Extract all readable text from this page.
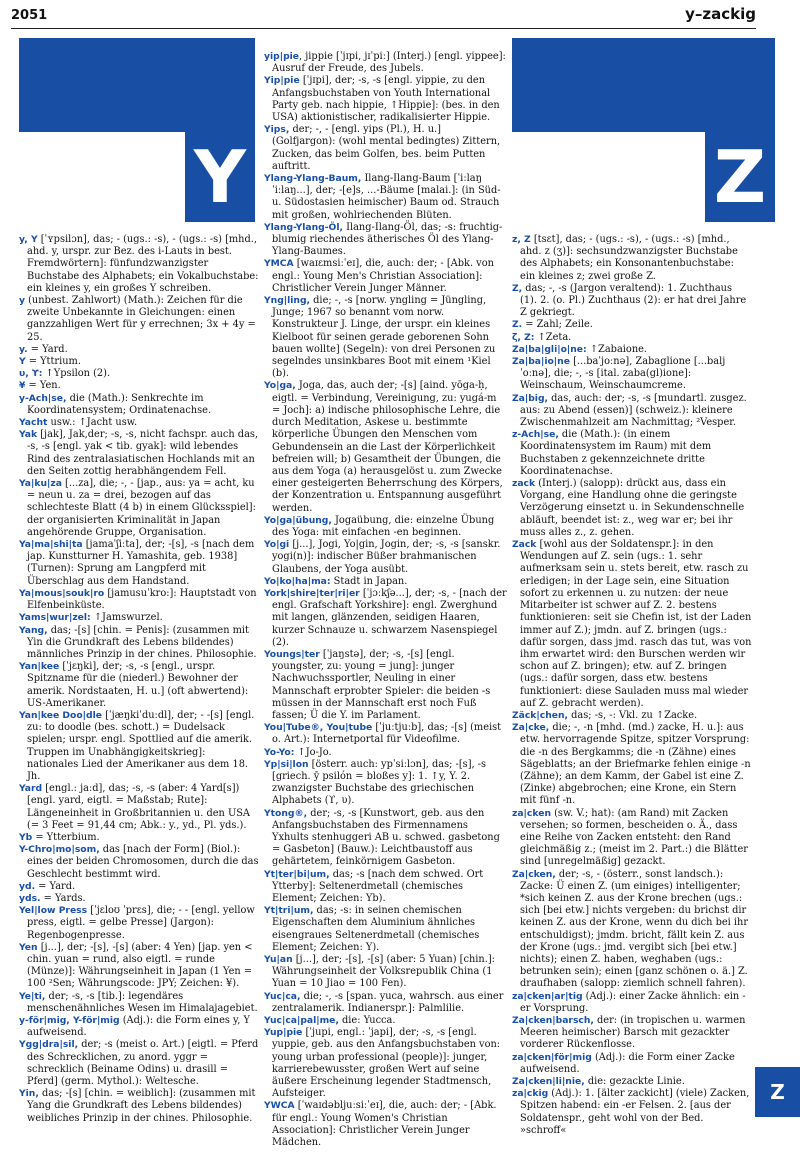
2051	y–zackig
Y	Z

y, Y [ˈʏpsilɔn], das; - (ugs.: -s), - (ugs.: -s) [mhd., ahd. y, urspr. zur Bez. des i-Lauts in best. Fremdwörtern]: fünfundzwanzigster Buchstabe des Alphabets; ein Vokalbuchstabe: ein kleines y, ein großes Y schreiben.

y (unbest. Zahlwort) (Math.): Zeichen für die zweite Unbekannte in Gleichungen: einen ganzzahligen Wert für y errechnen; 3x + 4y = 25.

y. = Yard.

Y = Yttrium.

υ, ϒ: ↑Ypsilon (2).

¥ = Yen.

y-Ach|se, die (Math.): Senkrechte im Koordinatensystem; Ordinatenachse.

Yacht usw.: ↑Jacht usw.

Yak [jak], Jak,der; -s, -s, nicht fachspr. auch das, -s, -s [engl. yak < tib. gyak]: wild lebendes Rind des zentralasiatischen Hochlands mit an den Seiten zottig herabhängendem Fell.

Ya|ku|za [...za], die; -, - [jap., aus: ya = acht, ku = neun u. za = drei, bezogen auf das schlechteste Blatt (4 b) in einem Glücksspiel]: der organisierten Kriminalität in Japan angehörende Gruppe, Organisation.

Ya|ma|shi|ta [jamaˈʃiːta], der; -[s], -s [nach dem jap. Kunstturner H. Yamashita, geb. 1938] (Turnen): Sprung am Langpferd mit Überschlag aus dem Handstand.

Ya|mous|souk|ro [jamusuˈkro:]: Hauptstadt von Elfenbeinküste.

Yams|wur|zel: ↑Jamswurzel.

Yang, das; -[s] [chin. = Penis]: (zusammen mit Yin die Grundkraft des Lebens bildendes) männliches Prinzip in der chines. Philosophie.

Yan|kee [ˈjɛŋki], der; -s, -s [engl., urspr. Spitzname für die (niederl.) Bewohner der amerik. Nordstaaten, H. u.] (oft abwertend): US-Amerikaner.

Yan|kee Doo|dle [ˈjæŋkiˈduːdl], der; - -[s] [engl. zu: to doodle (bes. schott.) = Dudelsack spielen; urspr. engl. Spottlied auf die amerik. Truppen im Unabhängigkeitskrieg]: nationales Lied der Amerikaner aus dem 18. Jh.

Yard [engl.: jaːd], das; -s, -s (aber: 4 Yard[s]) [engl. yard, eigtl. = Maßstab; Rute]: Längeneinheit in Großbritannien u. den USA (= 3 Feet = 91,44 cm; Abk.: y., yd., Pl. yds.).

Yb = Ytterbium.

Y-Chro|mo|som, das [nach der Form] (Biol.): eines der beiden Chromosomen, durch die das Geschlecht bestimmt wird.

yd. = Yard.

yds. = Yards.

Yel|low Press [ˈjɛloʊ ˈprɛs], die; - - [engl. yellow press, eigtl. = gelbe Presse] (Jargon): Regenbogenpresse.

Yen [j...], der; -[s], -[s] (aber: 4 Yen) [jap. yen < chin. yuan = rund, also eigtl. = runde (Münze)]: Währungseinheit in Japan (1 Yen = 100 ²Sen; Währungscode: JPY; Zeichen: ¥).

Ye|ti, der; -s, -s [tib.]: legendäres menschenähnliches Wesen im Himalajagebiet.

y-för|mig, Y-för|mig (Adj.): die Form eines y, Y aufweisend.

Ygg|dra|sil, der; -s (meist o. Art.) [eigtl. = Pferd des Schrecklichen, zu anord. yggr = schrecklich (Beiname Odins) u. drasill = Pferd] (germ. Mythol.): Weltesche.

Yin, das; -[s] [chin. = weiblich]: (zusammen mit Yang die Grundkraft des Lebens bildendes) weibliches Prinzip in der chines. Philosophie.

yip|pie, jippie [ˈjɪpi, jɪˈpiː] (Interj.) [engl. yippee]: Ausruf der Freude, des Jubels.

Yip|pie [ˈjɪpi], der; -s, -s [engl. yippie, zu den Anfangsbuchstaben von Youth International Party geb. nach hippie, ↑Hippie]: (bes. in den USA) aktionistischer, radikalisierter Hippie.

Yips, der; -, - [engl. yips (Pl.), H. u.] (Golfjargon): (wohl mental bedingtes) Zittern, Zucken, das beim Golfen, bes. beim Putten auftritt.

Ylang-Ylang-Baum, Ilang-Ilang-Baum [ˈiːlaŋˈiːlaŋ...], der; -[e]s, ...-Bäume [malai.]: (in Süd- u. Südostasien heimischer) Baum od. Strauch mit großen, wohlriechenden Blüten.

Ylang-Ylang-Öl, Ilang-Ilang-Öl, das; -s: fruchtig-blumig riechendes ätherisches Öl des Ylang-Ylang-Baumes.

YMCA [waɪɛmsiːˈeɪ], die, auch: der; - [Abk. von engl.: Young Men's Christian Association]: Christlicher Verein Junger Männer.

Yng|ling, die; -, -s [norw. yngling = Jüngling, Junge; 1967 so benannt vom norw. Konstrukteur J. Linge, der urspr. ein kleines Kielboot für seinen gerade geborenen Sohn bauen wollte] (Segeln): von drei Personen zu segelndes unsinkbares Boot mit einem ¹Kiel (b).

Yo|ga, Joga, das, auch der; -[s] [aind. yōga-ḥ, eigtl. = Verbindung, Vereinigung, zu: yugá-m = Joch]: a) indische philosophische Lehre, die durch Meditation, Askese u. bestimmte körperliche Übungen den Menschen vom Gebundensein an die Last der Körperlichkeit befreien will; b) Gesamtheit der Übungen, die aus dem Yoga (a) herausgelöst u. zum Zwecke einer gesteigerten Beherrschung des Körpers, der Konzentration u. Entspannung ausgeführt werden.

Yo|ga|übung, Jogaübung, die: einzelne Übung des Yoga: mit einfachen -en beginnen.

Yo|gi [j...], Jogi, Yo|gin, Jogin, der; -s, -s [sanskr. yogi(n)]: indischer Büßer brahmanischen Glaubens, der Yoga ausübt.

Yo|ko|ha|ma: Stadt in Japan.

York|shire|ter|ri|er [ˈjɔːkʃə...], der; -s, - [nach der engl. Grafschaft Yorkshire]: engl. Zwerghund mit langen, glänzenden, seidigen Haaren, kurzer Schnauze u. schwarzem Nasenspiegel (2).

Youngs|ter [ˈjaŋstə], der; -s, -[s] [engl. youngster, zu: young = jung]: junger Nachwuchssportler, Neuling in einer Mannschaft erprobter Spieler: die beiden -s müssen in der Mannschaft erst noch Fuß fassen; Ü die Y. im Parlament.

You|Tube®, You|tube [ˈjuːtjuːb], das; -[s] (meist o. Art.): Internetportal für Videofilme.

Yo-Yo: ↑Jo-Jo.

Yp|si|lon [österr. auch: ypˈsiːlɔn], das; -[s], -s [griech. ȳ psilón = bloßes y]: 1. ↑y, Y. 2. zwanzigster Buchstabe des griechischen Alphabets (ϒ, υ).

Ytong®, der; -s, -s [Kunstwort, geb. aus den Anfangsbuchstaben des Firmennamens Yxhults stenhuggeri AB u. schwed. gasbetong = Gasbeton] (Bauw.): Leichtbaustoff aus gehärtetem, feinkörnigem Gasbeton.

Yt|ter|bi|um, das; -s [nach dem schwed. Ort Ytterby]: Seltenerdmetall (chemisches Element; Zeichen: Yb).

Yt|tri|um, das; -s: in seinen chemischen Eigenschaften dem Aluminium ähnliches eisengraues Seltenerdmetall (chemisches Element; Zeichen: Y).

Yu|an [j...], der; -[s], -[s] (aber: 5 Yuan) [chin.]: Währungseinheit der Volksrepublik China (1 Yuan = 10 Jiao = 100 Fen).

Yuc|ca, die; -, -s [span. yuca, wahrsch. aus einer zentralamerik. Indianerspr.]: Palmlilie.

Yuc|ca|pal|me, die: Yucca.

Yup|pie [ˈjupi, engl.: ˈjapi], der; -s, -s [engl. yuppie, geb. aus den Anfangsbuchstaben von: young urban professional (people)]: junger, karrierebewusster, großen Wert auf seine äußere Erscheinung legender Stadtmensch, Aufsteiger.

YWCA [ˈwaɪdəbljuːsiːˈeɪ], die, auch: der; - [Abk. für engl.: Young Women's Christian Association]: Christlicher Verein Junger Mädchen.

z, Z [tsɛt], das; - (ugs.: -s), - (ugs.: -s) [mhd., ahd. z (ʒ)]: sechsundzwanzigster Buchstabe des Alphabets; ein Konsonantenbuchstabe: ein kleines z; zwei große Z.

Z, das; -, -s (Jargon veraltend): 1. Zuchthaus (1). 2. (o. Pl.) Zuchthaus (2): er hat drei Jahre Z gekriegt.

Z. = Zahl; Zeile.

ζ, Z: ↑Zeta.

Za|ba|gli|o|ne: ↑Zabaione.

Za|ba|io|ne [...baˈjoːnə], Zabaglione [...baljˈoːnə], die; -, -s [ital. zaba(gl)ione]: Weinschaum, Weinschaumcreme.

Za|big, das, auch: der; -s, -s [mundartl. zusgez. aus: zu Abend (essen)] (schweiz.): kleinere Zwischenmahlzeit am Nachmittag; ²Vesper.

z-Ach|se, die (Math.): (in einem Koordinatensystem im Raum) mit dem Buchstaben z gekennzeichnete dritte Koordinatenachse.

zack (Interj.) (salopp): drückt aus, dass ein Vorgang, eine Handlung ohne die geringste Verzögerung einsetzt u. in Sekundenschnelle abläuft, beendet ist: z., weg war er; bei ihr muss alles z., z. gehen.

Zack [wohl aus der Soldatenspr.]: in den Wendungen auf Z. sein (ugs.: 1. sehr aufmerksam sein u. stets bereit, etw. rasch zu erledigen; in der Lage sein, eine Situation sofort zu erkennen u. zu nutzen: der neue Mitarbeiter ist schwer auf Z. 2. bestens funktionieren: seit sie Chefin ist, ist der Laden immer auf Z.); jmdn. auf Z. bringen (ugs.: dafür sorgen, dass jmd. rasch das tut, was von ihm erwartet wird: den Burschen werden wir schon auf Z. bringen); etw. auf Z. bringen (ugs.: dafür sorgen, dass etw. bestens funktioniert: diese Sauladen muss mal wieder auf Z. gebracht werden).

Zäck|chen, das; -s, -: Vkl. zu ↑Zacke.

Za|cke, die; -, -n [mhd. (md.) zacke, H. u.]: aus etw. hervorragende Spitze, spitzer Vorsprung: die -n des Bergkamms; die -n (Zähne) eines Sägeblatts; an der Briefmarke fehlen einige -n (Zähne); an dem Kamm, der Gabel ist eine Z. (Zinke) abgebrochen; eine Krone, ein Stern mit fünf -n.

za|cken (sw. V.; hat): (am Rand) mit Zacken versehen; so formen, bescheiden o. Ä., dass eine Reihe von Zacken entsteht: den Rand gleichmäßig z.; (meist im 2. Part.:) die Blätter sind [unregelmäßig] gezackt.

Za|cken, der; -s, - (österr., sonst landsch.): Zacke: Ü einen Z. (um einiges) intelligenter; *sich keinen Z. aus der Krone brechen (ugs.: sich [bei etw.] nichts vergeben: du brichst dir keinen Z. aus der Krone, wenn du dich bei ihr entschuldigst); jmdm. bricht, fällt kein Z. aus der Krone (ugs.: jmd. vergibt sich [bei etw.] nichts); einen Z. haben, weghaben (ugs.: betrunken sein); einen [ganz schönen o. ä.] Z. draufhaben (salopp: ziemlich schnell fahren).

za|cken|ar|tig (Adj.): einer Zacke ähnlich: ein -er Vorsprung.

Za|cken|barsch, der: (in tropischen u. warmen Meeren heimischer) Barsch mit gezackter vorderer Rückenflosse.

za|cken|för|mig (Adj.): die Form einer Zacke aufweisend.

Za|cken|li|nie, die: gezackte Linie.

za|ckig (Adj.): 1. [älter zackicht] (viele) Zacken, Spitzen habend: ein -er Felsen. 2. [aus der Soldatenspr., geht wohl von der Bed. »schroff«

Z
